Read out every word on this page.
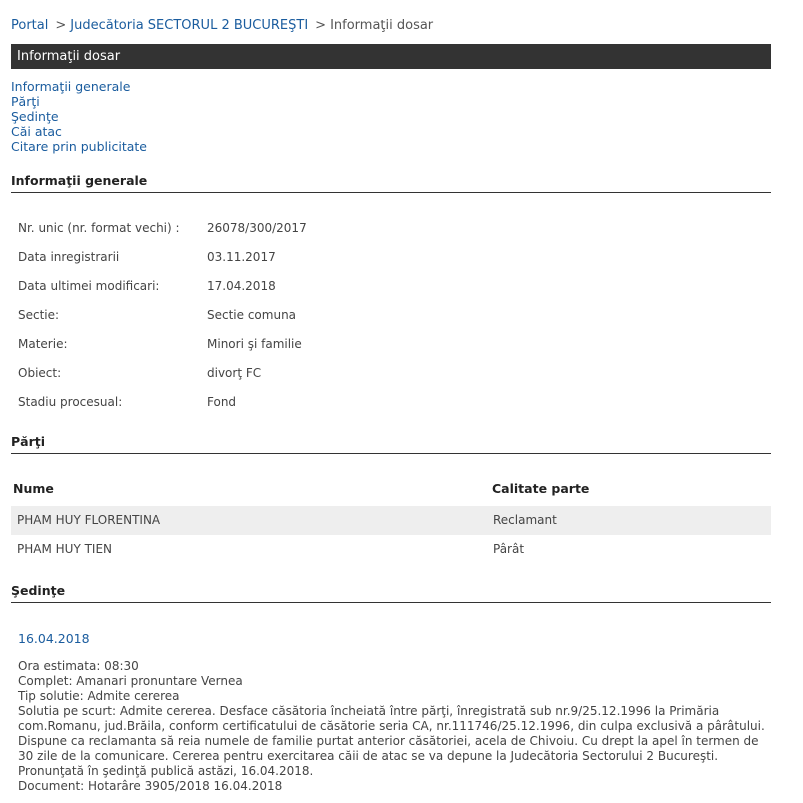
Portal > Judecătoria SECTORUL 2 BUCUREŞTI > Informaţii dosar
Informaţii dosar
Informaţii generale
Părţi
Şedinţe
Căi atac
Citare prin publicitate
Informaţii generale
Nr. unic (nr. format vechi) : 26078/300/2017
Data inregistrarii	03.11.2017
Data ultimei modificari:	17.04.2018
Sectie:	Sectie comuna
Materie:	Minori şi familie
Obiect:	divorţ FC
Stadiu procesual:	Fond
Părţi
Nume	Calitate parte
PHAM HUY FLORENTINA	Reclamant
PHAM HUY TIEN	Pârât
Şedinţe
16.04.2018
Ora estimata: 08:30
Complet: Amanari pronuntare Vernea
Tip solutie: Admite cererea
Solutia pe scurt: Admite cererea. Desface căsătoria încheiată între părţi, înregistrată sub nr.9/25.12.1996 la Primăria com.Romanu, jud.Brăila, conform certificatului de căsătorie seria CA, nr.111746/25.12.1996, din culpa exclusivă a pârâtului. Dispune ca reclamanta să reia numele de familie purtat anterior căsătoriei, acela de Chivoiu. Cu drept la apel în termen de 30 zile de la comunicare. Cererea pentru exercitarea căii de atac se va depune la Judecătoria Sectorului 2 Bucureşti. Pronunţată în şedinţă publică astăzi, 16.04.2018.
Document: Hotarâre 3905/2018 16.04.2018
